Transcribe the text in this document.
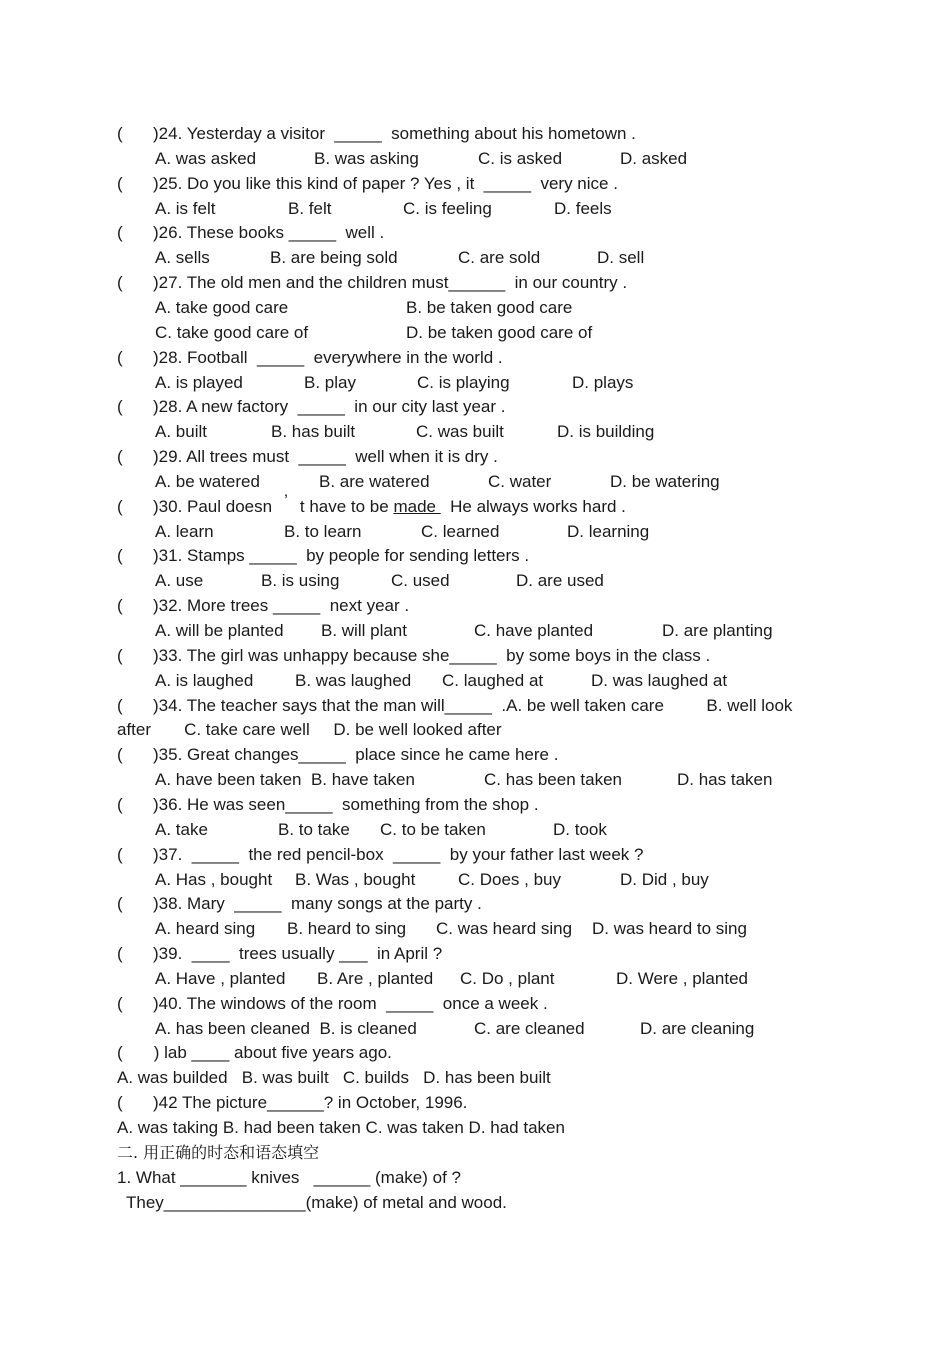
( )24. Yesterday a visitor  _____  something about his hometown .
A. was asked	B. was asking	C. is asked	D. asked
( )25. Do you like this kind of paper ? Yes , it  _____  very nice .
A. is felt	B. felt	C. is feeling	D. feels
( )26. These books _____  well .
A. sells	B. are being sold	C. are sold	D. sell
( )27. The old men and the children must______  in our country .
A. take good care	B. be taken good care
C. take good care of	D. be taken good care of
( )28. Football  _____  everywhere in the world .
A. is played	B. play	C. is playing	D. plays
( )28. A new factory  _____  in our city last year .
A. built	B. has built	C. was built	D. is building
( )29. All trees must  _____  well when it is dry .
A. be watered	B. are watered	C. water	D. be watering
( )30. Paul doesn ’ t have to be made   He always works hard .
A. learn	B. to learn	C. learned	D. learning
( )31. Stamps _____  by people for sending letters .
A. use	B. is using	C. used	D. are used
( )32. More trees _____  next year .
A. will be planted B. will plant	C. have planted	D. are planting
( )33. The girl was unhappy because she_____  by some boys in the class .
A. is laughed B. was laughed C. laughed at	D. was laughed at
( )34. The teacher says that the man will_____  .A. be well taken care         B. well look
after       C. take care well     D. be well looked after
( )35. Great changes_____  place since he came here .
A. have been taken  B. have taken	C. has been taken	D. has taken
( )36. He was seen_____  something from the shop .
A. take	B. to take C. to be taken	D. took
( )37.  _____  the red pencil-box  _____  by your father last week ?
A. Has , bought B. Was , bought	C. Does , buy	D. Did , buy
( )38. Mary  _____  many songs at the party .
A. heard sing B. heard to sing C. was heard sing D. was heard to sing
( )39.  ____  trees usually ___  in April ?
A. Have , planted B. Are , planted C. Do , plant	D. Were , planted
( )40. The windows of the room  _____  once a week .
A. has been cleaned  B. is cleaned	C. are cleaned	D. are cleaning
( ) lab ____ about five years ago.
A. was builded   B. was built   C. builds   D. has been built
( )42 The picture______? in October, 1996.
A. was taking B. had been taken C. was taken D. had taken
二. 用正确的时态和语态填空
1. What _______ knives   ______ (make) of ?
They_______________(make) of metal and wood.
